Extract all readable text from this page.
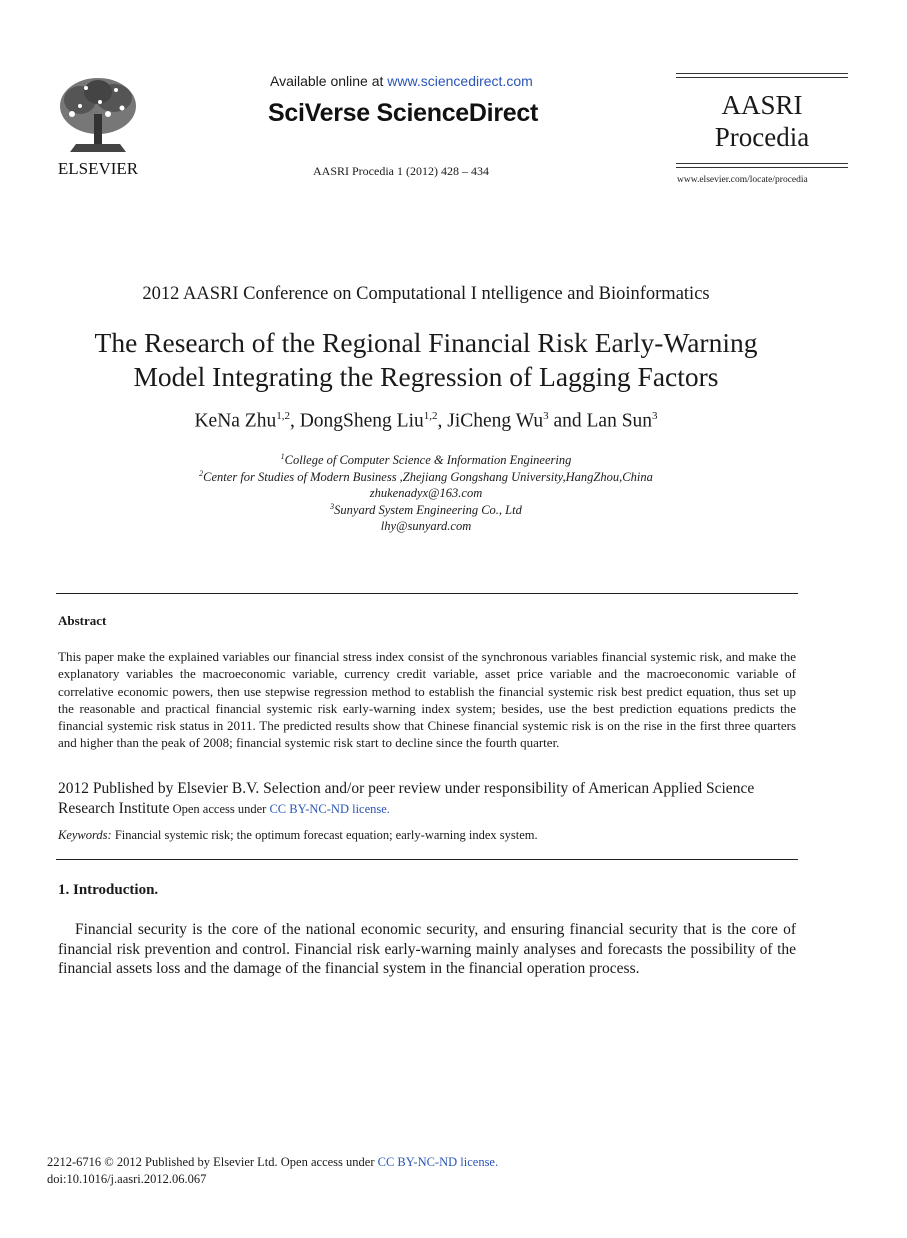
ELSEVIER
Available online at www.sciencedirect.com
SciVerse ScienceDirect
AASRI Procedia 1 (2012) 428 – 434
AASRI
Procedia
www.elsevier.com/locate/procedia
2012 AASRI Conference on Computational I ntelligence and Bioinformatics
The Research of the Regional Financial Risk Early-Warning
Model Integrating the Regression of Lagging Factors
KeNa Zhu$^{1,2}$, DongSheng Liu$^{1,2}$, JiCheng Wu$^3$ and Lan Sun$^3$
$^1$College of Computer Science & Information Engineering
$^2$Center for Studies of Modern Business ,Zhejiang Gongshang University,HangZhou,China
zhukenadyx@163.com
$^3$Sunyard System Engineering Co., Ltd
lhy@sunyard.com
Abstract
This paper make the explained variables our financial stress index consist of the synchronous variables financial systemic risk, and make the explanatory variables the macroeconomic variable, currency credit variable, asset price variable and the macroeconomic variable of correlative economic powers, then use stepwise regression method to establish the financial systemic risk best predict equation, thus set up the reasonable and practical financial systemic risk early-warning index system; besides, use the best prediction equations predicts the financial systemic risk status in 2011. The predicted results show that Chinese financial systemic risk is on the rise in the first three quarters and higher than the peak of 2008; financial systemic risk start to decline since the fourth quarter.
2012 Published by Elsevier B.V. Selection and/or peer review under responsibility of American Applied Science Research Institute Open access under CC BY-NC-ND license.
Keywords: Financial systemic risk; the optimum forecast equation; early-warning index system.
1. Introduction.
Financial security is the core of the national economic security, and ensuring financial security that is the core of financial risk prevention and control. Financial risk early-warning mainly analyses and forecasts the possibility of the financial assets loss and the damage of the financial system in the financial operation process.
2212-6716 © 2012 Published by Elsevier Ltd. Open access under CC BY-NC-ND license.
doi:10.1016/j.aasri.2012.06.067
